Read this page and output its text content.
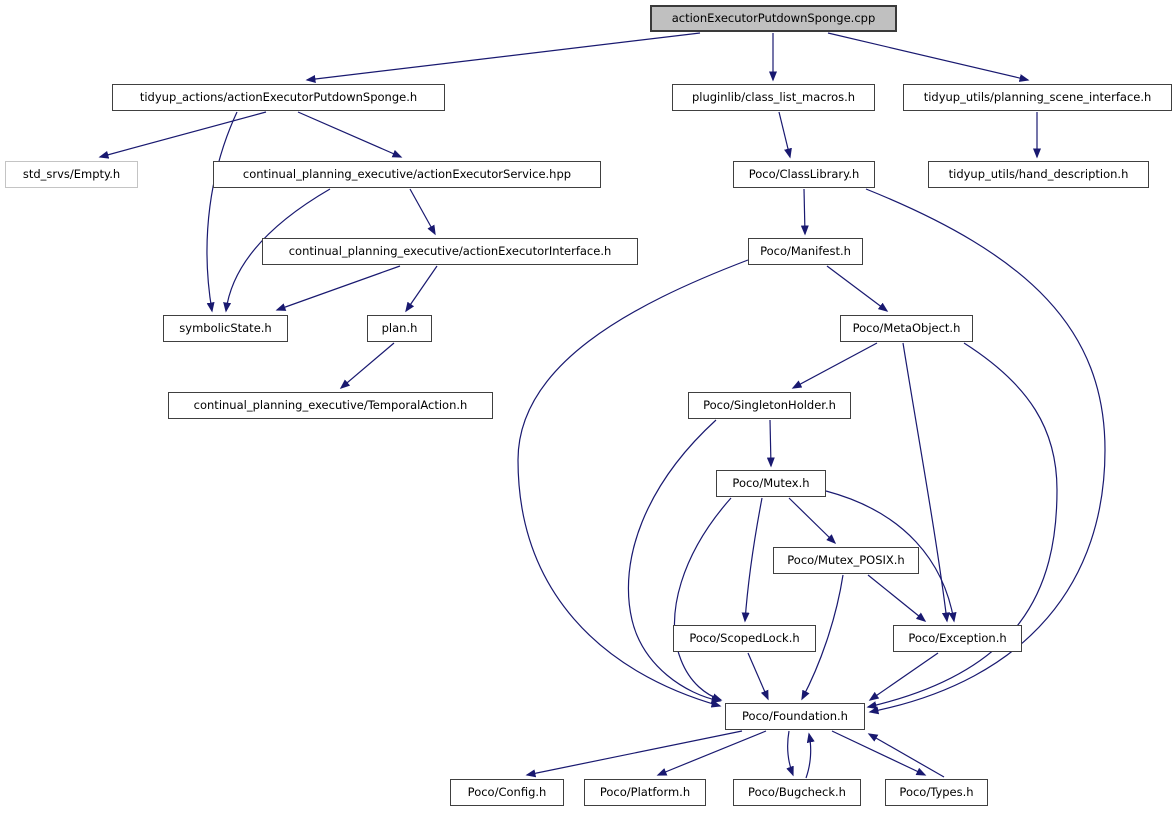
actionExecutorPutdownSponge.cpp
tidyup_actions/actionExecutorPutdownSponge.h	pluginlib/class_list_macros.h	tidyup_utils/planning_scene_interface.h
std_srvs/Empty.h	continual_planning_executive/actionExecutorService.hpp	Poco/ClassLibrary.h	tidyup_utils/hand_description.h
continual_planning_executive/actionExecutorInterface.h	Poco/Manifest.h
symbolicState.h	plan.h	Poco/MetaObject.h
continual_planning_executive/TemporalAction.h	Poco/SingletonHolder.h
Poco/Mutex.h
Poco/Mutex_POSIX.h
Poco/ScopedLock.h	Poco/Exception.h
Poco/Foundation.h
Poco/Config.h	Poco/Platform.h	Poco/Bugcheck.h	Poco/Types.h
